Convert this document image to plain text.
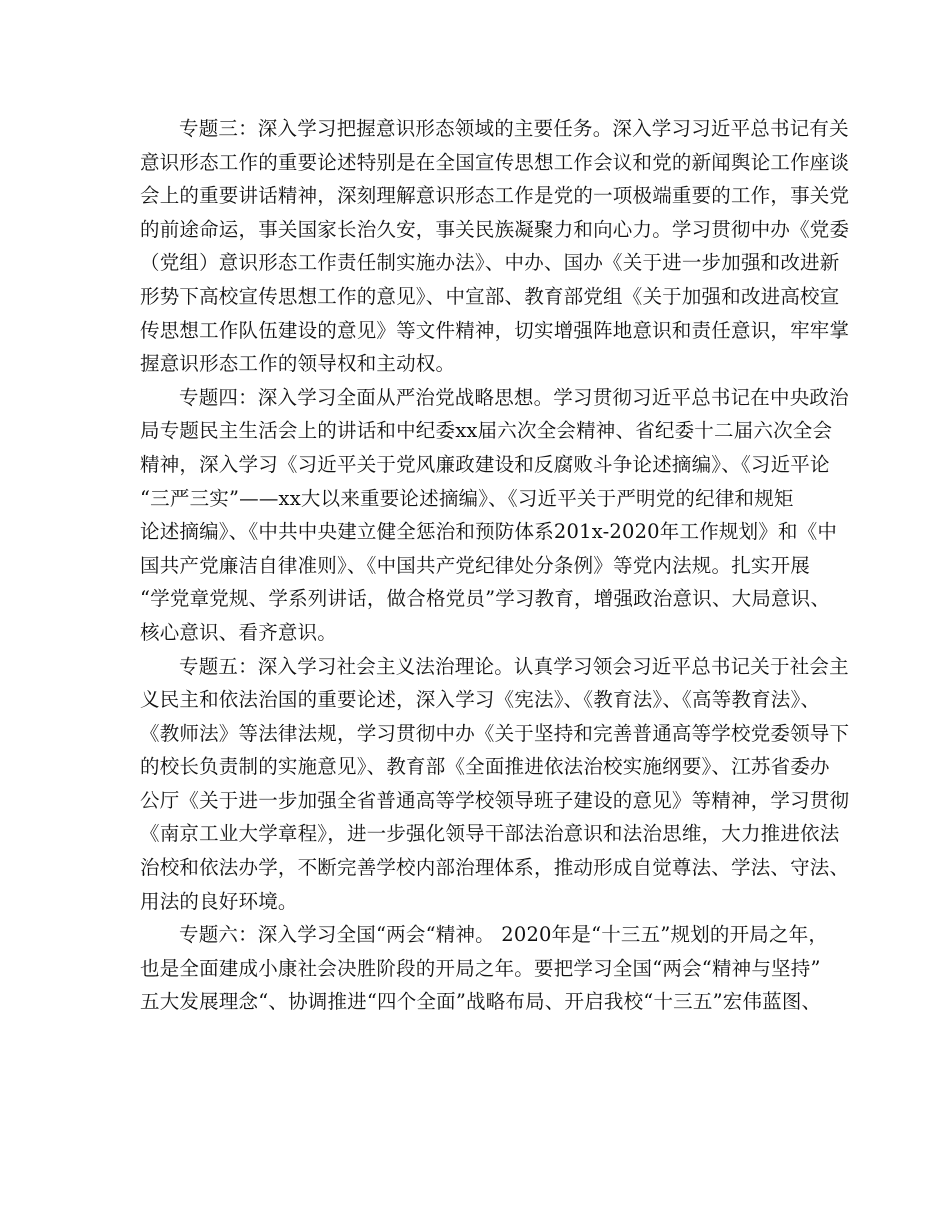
专题三：深入学习把握意识形态领域的主要任务。深入学习习近平总书记有关
意识形态工作的重要论述特别是在全国宣传思想工作会议和党的新闻舆论工作座谈
会上的重要讲话精神，深刻理解意识形态工作是党的一项极端重要的工作，事关党
的前途命运，事关国家长治久安，事关民族凝聚力和向心力。学习贯彻中办《党委
（党组）意识形态工作责任制实施办法》、中办、国办《关于进一步加强和改进新
形势下高校宣传思想工作的意见》、中宣部、教育部党组《关于加强和改进高校宣
传思想工作队伍建设的意见》等文件精神，切实增强阵地意识和责任意识，牢牢掌
握意识形态工作的领导权和主动权。

专题四：深入学习全面从严治党战略思想。学习贯彻习近平总书记在中央政治
局专题民主生活会上的讲话和中纪委xx届六次全会精神、省纪委十二届六次全会
精神，深入学习《习近平关于党风廉政建设和反腐败斗争论述摘编》、《习近平论
“三严三实”——xx大以来重要论述摘编》、《习近平关于严明党的纪律和规矩
论述摘编》、《中共中央建立健全惩治和预防体系201x-2020年工作规划》和《中
国共产党廉洁自律准则》、《中国共产党纪律处分条例》等党内法规。扎实开展
“学党章党规、学系列讲话，做合格党员”学习教育，增强政治意识、大局意识、
核心意识、看齐意识。

专题五：深入学习社会主义法治理论。认真学习领会习近平总书记关于社会主
义民主和依法治国的重要论述，深入学习《宪法》、《教育法》、《高等教育法》、
《教师法》等法律法规，学习贯彻中办《关于坚持和完善普通高等学校党委领导下
的校长负责制的实施意见》、教育部《全面推进依法治校实施纲要》、江苏省委办
公厅《关于进一步加强全省普通高等学校领导班子建设的意见》等精神，学习贯彻
《南京工业大学章程》，进一步强化领导干部法治意识和法治思维，大力推进依法
治校和依法办学，不断完善学校内部治理体系，推动形成自觉尊法、学法、守法、
用法的良好环境。

专题六：深入学习全国“两会“精神。 2020年是“十三五”规划的开局之年，
也是全面建成小康社会决胜阶段的开局之年。要把学习全国“两会“精神与坚持”
五大发展理念“、协调推进“四个全面”战略布局、开启我校“十三五”宏伟蓝图、
